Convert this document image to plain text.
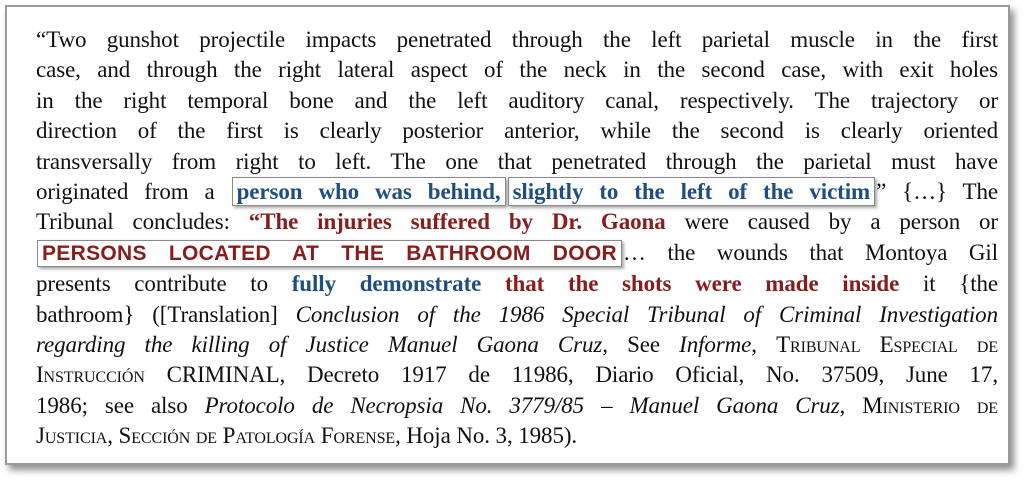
“Two gunshot projectile impacts penetrated through the left parietal muscle in the first
case, and through the right lateral aspect of the neck in the second case, with exit holes
in the right temporal bone and the left auditory canal, respectively. The trajectory or
direction of the first is clearly posterior anterior, while the second is clearly oriented
transversally from right to left. The one that penetrated through the parietal must have
originated from a person who was behind, slightly to the left of the victim ” {…} The
Tribunal concludes: “The injuries suffered by Dr. Gaona were caused by a person or
PERSONS LOCATED AT THE BATHROOM DOOR … the wounds that Montoya Gil
presents contribute to fully demonstrate that the shots were made inside it {the
bathroom} ([Translation] Conclusion of the 1986 Special Tribunal of Criminal Investigation
regarding the killing of Justice Manuel Gaona Cruz, See Informe, Tribunal Especial de
Instrucción CRIMINAL, Decreto 1917 de 11986, Diario Oficial, No. 37509, June 17,
1986; see also Protocolo de Necropsia No. 3779/85 – Manuel Gaona Cruz, Ministerio de
Justicia, Sección de Patología Forense, Hoja No. 3, 1985).
